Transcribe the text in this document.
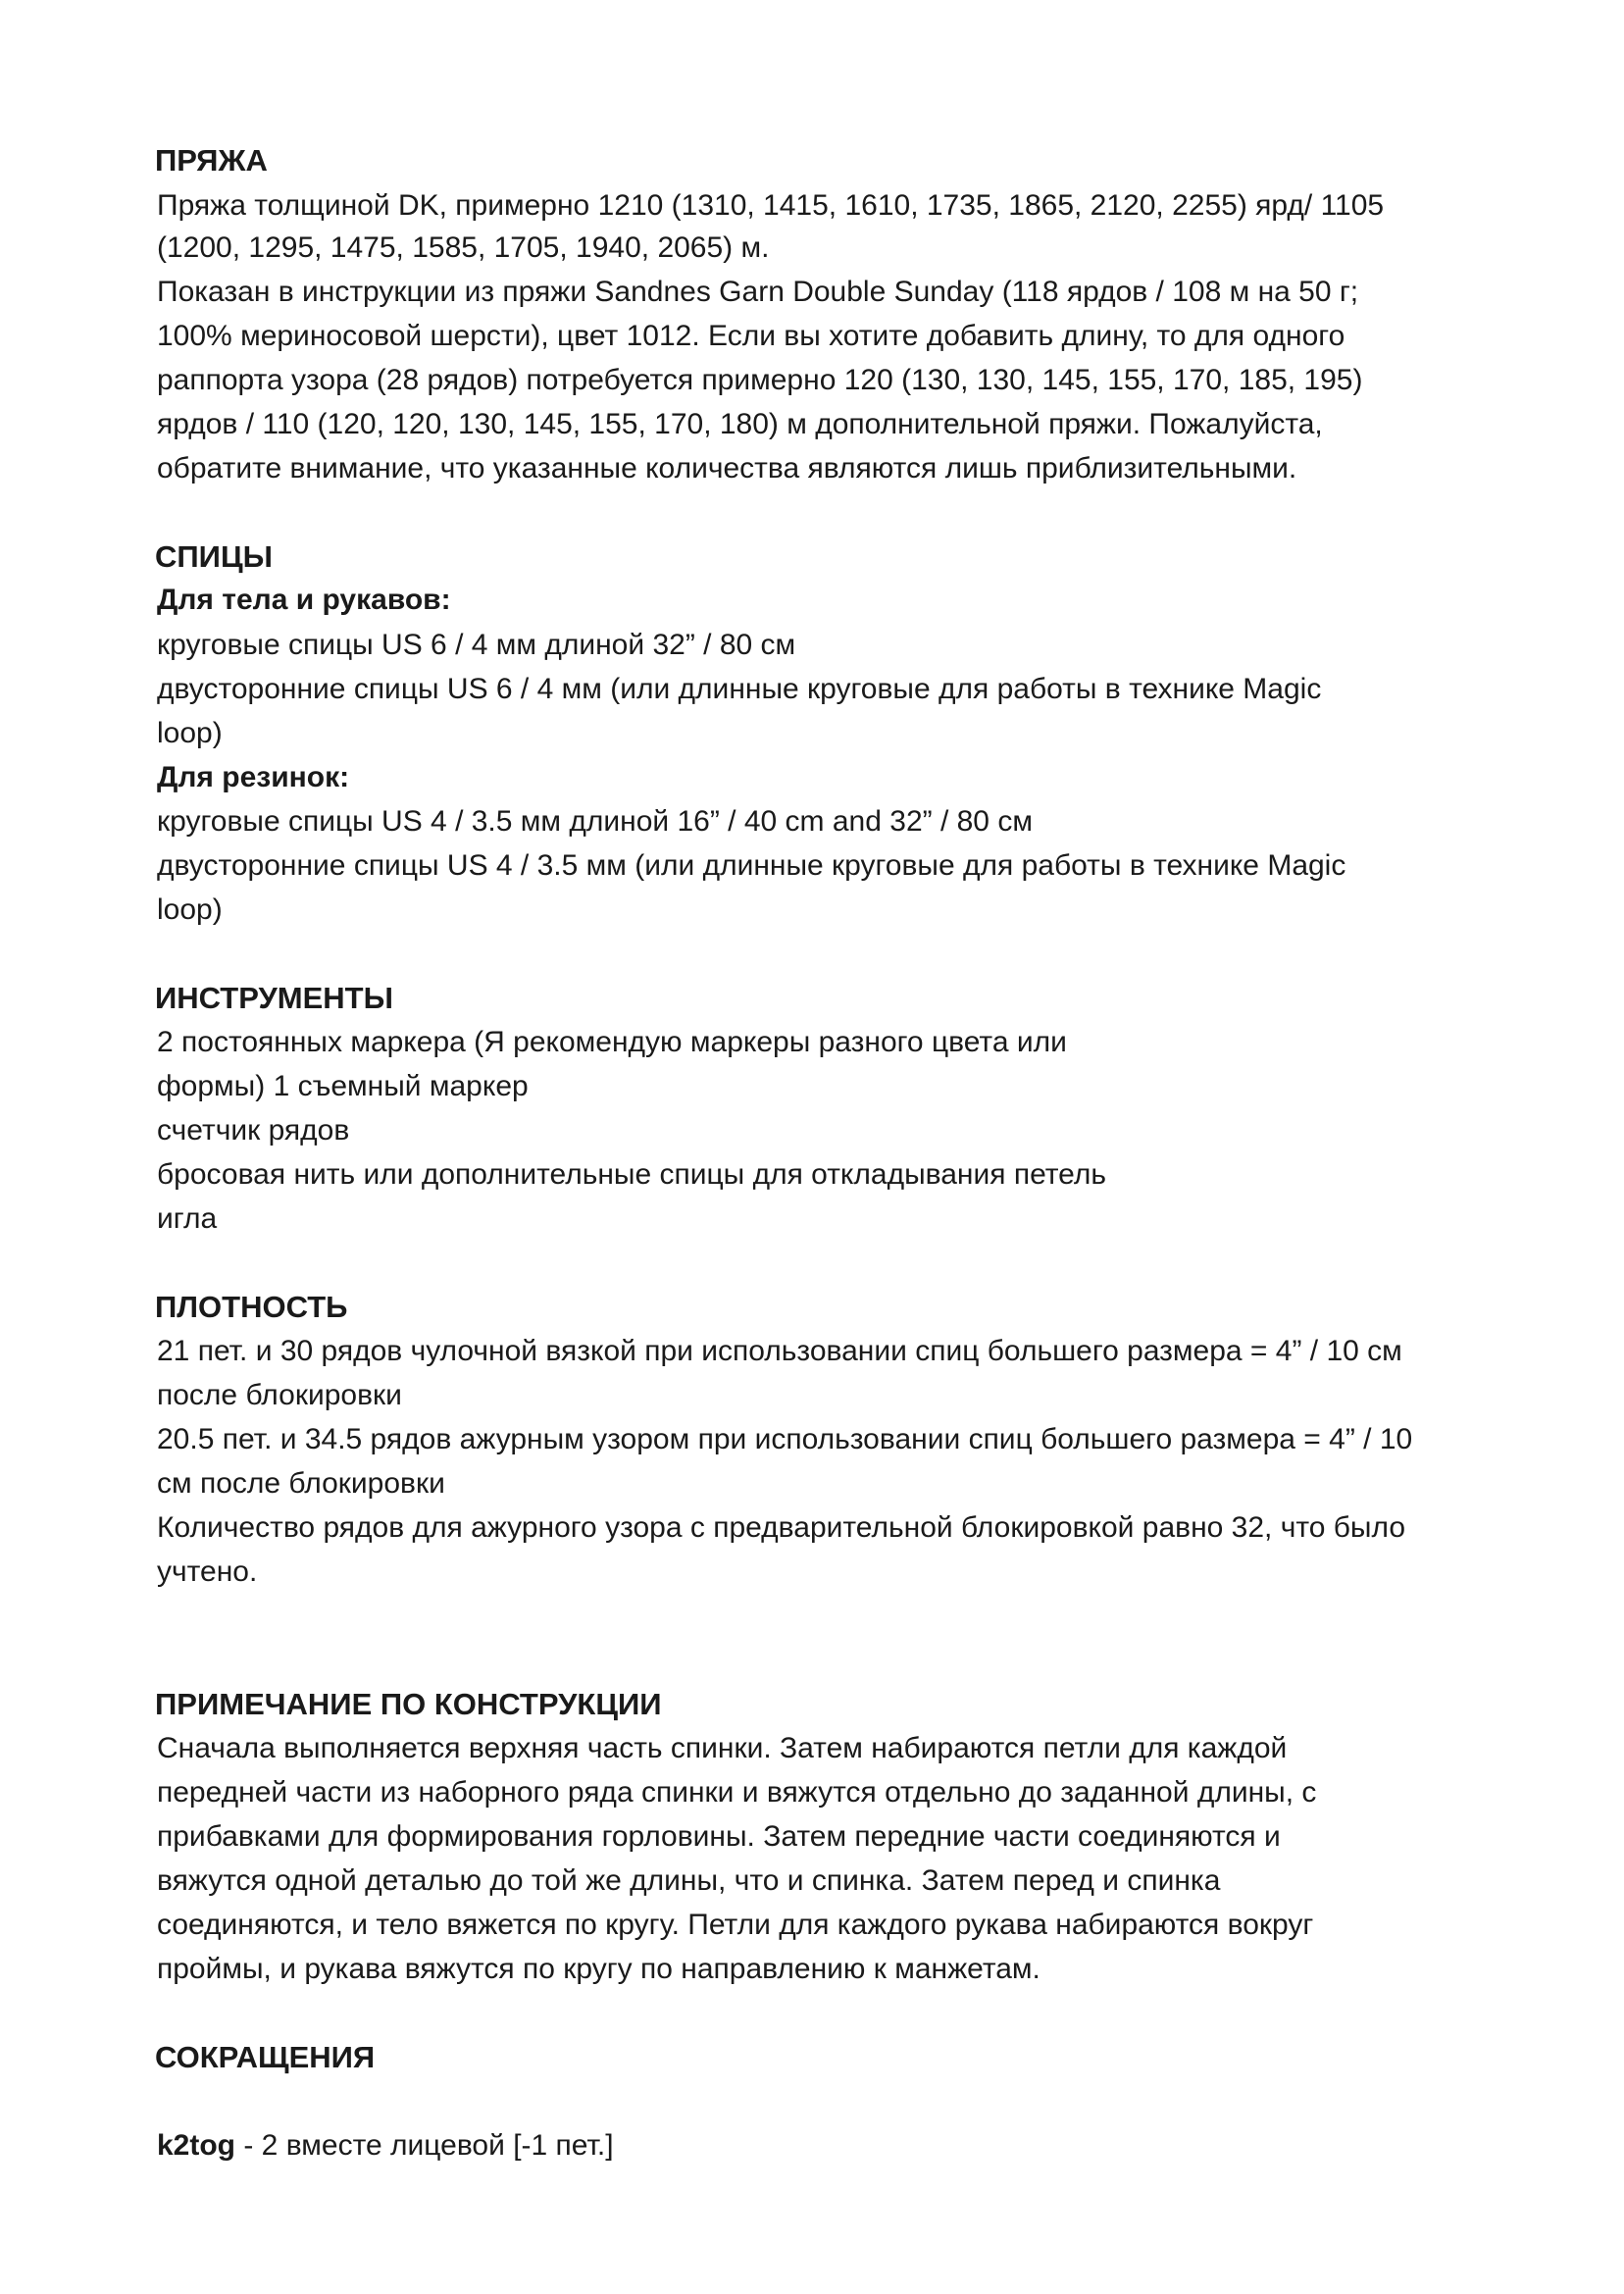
ПРЯЖА
Пряжа толщиной DK, примерно 1210 (1310, 1415, 1610, 1735, 1865, 2120, 2255) ярд/ 1105
(1200, 1295, 1475, 1585, 1705, 1940, 2065) м.
Показан в инструкции из пряжи Sandnes Garn Double Sunday (118 ярдов / 108 м на 50 г;
100% мериносовой шерсти), цвет 1012. Если вы хотите добавить длину, то для одного
раппорта узора (28 рядов) потребуется примерно 120 (130, 130, 145, 155, 170, 185, 195)
ярдов / 110 (120, 120, 130, 145, 155, 170, 180) м дополнительной пряжи. Пожалуйста,
обратите внимание, что указанные количества являются лишь приблизительными.
СПИЦЫ
Для тела и рукавов:
круговые спицы US 6 / 4 мм длиной 32” / 80 см
двусторонние спицы US 6 / 4 мм (или длинные круговые для работы в технике Magic
loop)
Для резинок:
круговые спицы US 4 / 3.5 мм длиной 16” / 40 cm and 32” / 80 см
двусторонние спицы US 4 / 3.5 мм (или длинные круговые для работы в технике Magic
loop)
ИНСТРУМЕНТЫ
2 постоянных маркера (Я рекомендую маркеры разного цвета или
формы) 1 съемный маркер
счетчик рядов
бросовая нить или дополнительные спицы для откладывания петель
игла
ПЛОТНОСТЬ
21 пет. и 30 рядов чулочной вязкой при использовании спиц большего размера = 4” / 10 см
после блокировки
20.5 пет. и 34.5 рядов ажурным узором при использовании спиц большего размера = 4” / 10
см после блокировки
Количество рядов для ажурного узора с предварительной блокировкой равно 32, что было
учтено.
ПРИМЕЧАНИЕ ПО КОНСТРУКЦИИ
Сначала выполняется верхняя часть спинки. Затем набираются петли для каждой
передней части из наборного ряда спинки и вяжутся отдельно до заданной длины, с
прибавками для формирования горловины. Затем передние части соединяются и
вяжутся одной деталью до той же длины, что и спинка. Затем перед и спинка
соединяются, и тело вяжется по кругу. Петли для каждого рукава набираются вокруг
проймы, и рукава вяжутся по кругу по направлению к манжетам.
СОКРАЩЕНИЯ
k2tog - 2 вместе лицевой [-1 пет.]
